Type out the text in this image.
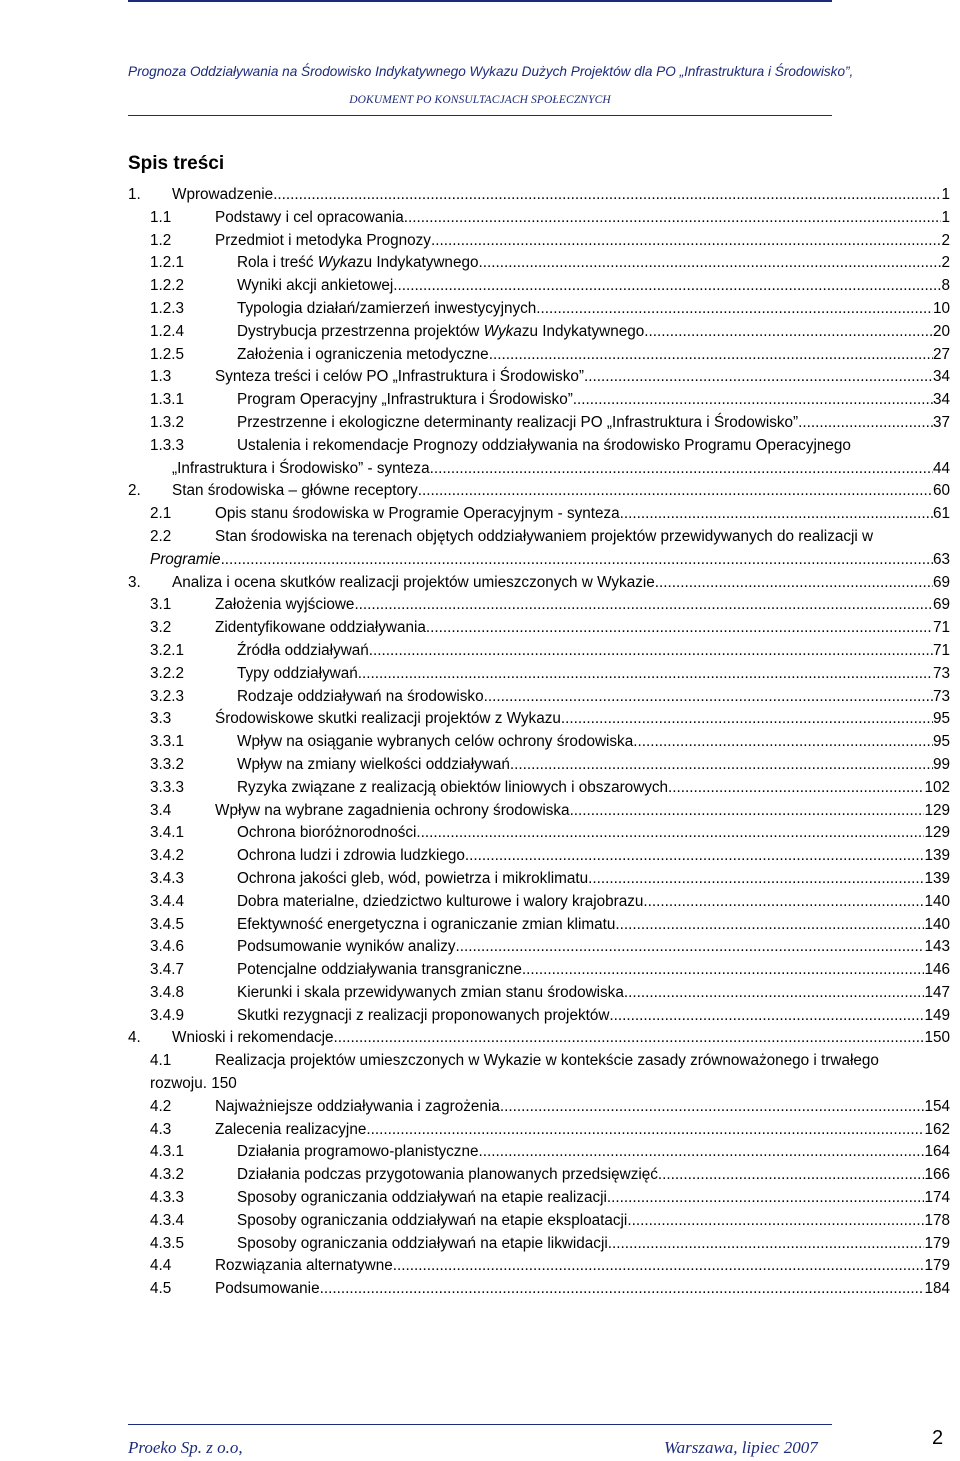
Prognoza Oddziaływania na Środowisko Indykatywnego Wykazu Dużych Projektów dla PO „Infrastruktura i Środowisko”,
DOKUMENT PO KONSULTACJACH SPOŁECZNYCH
Spis treści
1.	Wprowadzenie .....	1
1.1	Podstawy i cel opracowania .....	1
1.2	Przedmiot i metodyka Prognozy .....	2
1.2.1	Rola i treść Wykazu Indykatywnego .....	2
1.2.2	Wyniki akcji ankietowej .....	8
1.2.3	Typologia działań/zamierzeń inwestycyjnych .....	10
1.2.4	Dystrybucja przestrzenna projektów Wykazu Indykatywnego .....	20
1.2.5	Założenia i ograniczenia metodyczne .....	27
1.3	Synteza treści i celów PO „Infrastruktura i Środowisko” .....	34
1.3.1	Program Operacyjny „Infrastruktura i Środowisko” .....	34
1.3.2	Przestrzenne i ekologiczne determinanty realizacji PO „Infrastruktura i Środowisko” .....	37
1.3.3	Ustalenia i rekomendacje Prognozy oddziaływania na środowisko Programu Operacyjnego
„Infrastruktura i Środowisko” - synteza .....	44
2.	Stan środowiska – główne receptory .....	60
2.1	Opis stanu środowiska w Programie Operacyjnym - synteza .....	61
2.2	Stan środowiska na terenach objętych oddziaływaniem projektów przewidywanych do realizacji w
Programie .....	63
3.	Analiza i ocena skutków realizacji projektów umieszczonych w Wykazie .....	69
3.1	Założenia wyjściowe .....	69
3.2	Zidentyfikowane oddziaływania .....	71
3.2.1	Źródła oddziaływań .....	71
3.2.2	Typy oddziaływań .....	73
3.2.3	Rodzaje oddziaływań na środowisko .....	73
3.3	Środowiskowe skutki realizacji projektów z Wykazu .....	95
3.3.1	Wpływ na osiąganie wybranych celów ochrony środowiska .....	95
3.3.2	Wpływ na zmiany wielkości oddziaływań .....	99
3.3.3	Ryzyka związane z realizacją obiektów liniowych i obszarowych .....	102
3.4	Wpływ na wybrane zagadnienia ochrony środowiska .....	129
3.4.1	Ochrona bioróżnorodności .....	129
3.4.2	Ochrona ludzi i zdrowia ludzkiego .....	139
3.4.3	Ochrona jakości gleb, wód, powietrza i mikroklimatu .....	139
3.4.4	Dobra materialne, dziedzictwo kulturowe i walory krajobrazu .....	140
3.4.5	Efektywność energetyczna i ograniczanie zmian klimatu .....	140
3.4.6	Podsumowanie wyników analizy .....	143
3.4.7	Potencjalne oddziaływania transgraniczne .....	146
3.4.8	Kierunki i skala przewidywanych zmian stanu środowiska .....	147
3.4.9	Skutki rezygnacji z realizacji proponowanych projektów .....	149
4.	Wnioski i rekomendacje .....	150
4.1	Realizacja projektów umieszczonych w Wykazie w kontekście zasady zrównoważonego i trwałego
rozwoju. 150
4.2	Najważniejsze oddziaływania i zagrożenia .....	154
4.3	Zalecenia realizacyjne .....	162
4.3.1	Działania programowo-planistyczne .....	164
4.3.2	Działania podczas przygotowania planowanych przedsięwzięć .....	166
4.3.3	Sposoby ograniczania oddziaływań na etapie realizacji .....	174
4.3.4	Sposoby ograniczania oddziaływań na etapie eksploatacji .....	178
4.3.5	Sposoby ograniczania oddziaływań na etapie likwidacji .....	179
4.4	Rozwiązania alternatywne .....	179
4.5	Podsumowanie .....	184
Proeko Sp. z o.o,	Warszawa, lipiec 2007	2
